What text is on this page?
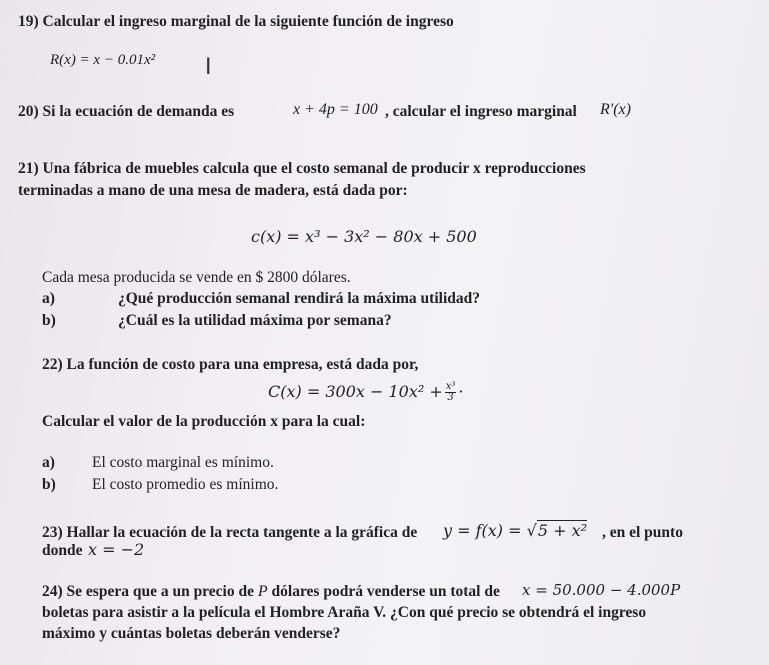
19) Calcular el ingreso marginal de la siguiente función de ingreso
R(x) = x − 0.01x² I
20) Si la ecuación de demanda es	x + 4p = 100 , calcular el ingreso marginal R'(x)
21) Una fábrica de muebles calcula que el costo semanal de producir x reproducciones
terminadas a mano de una mesa de madera, está dada por:
c(x) = x³ − 3x² − 80x + 500
Cada mesa producida se vende en $ 2800 dólares.
a)	¿Qué producción semanal rendirá la máxima utilidad?
b)	¿Cuál es la utilidad máxima por semana?
22) La función de costo para una empresa, está dada por,
$C(x) = 300x - 10x^2 + \frac{\text{x³}}{3}$ ·
Calcular el valor de la producción x para la cual:
a) El costo marginal es mínimo.
b) El costo promedio es mínimo.
23) Hallar la ecuación de la recta tangente a la gráfica de y = f(x) = √5 + x² , en el punto
donde x = −2
24) Se espera que a un precio de P dólares podrá venderse un total de x = 50.000 − 4.000P
boletas para asistir a la película el Hombre Araña V. ¿Con qué precio se obtendrá el ingreso
máximo y cuántas boletas deberán venderse?
